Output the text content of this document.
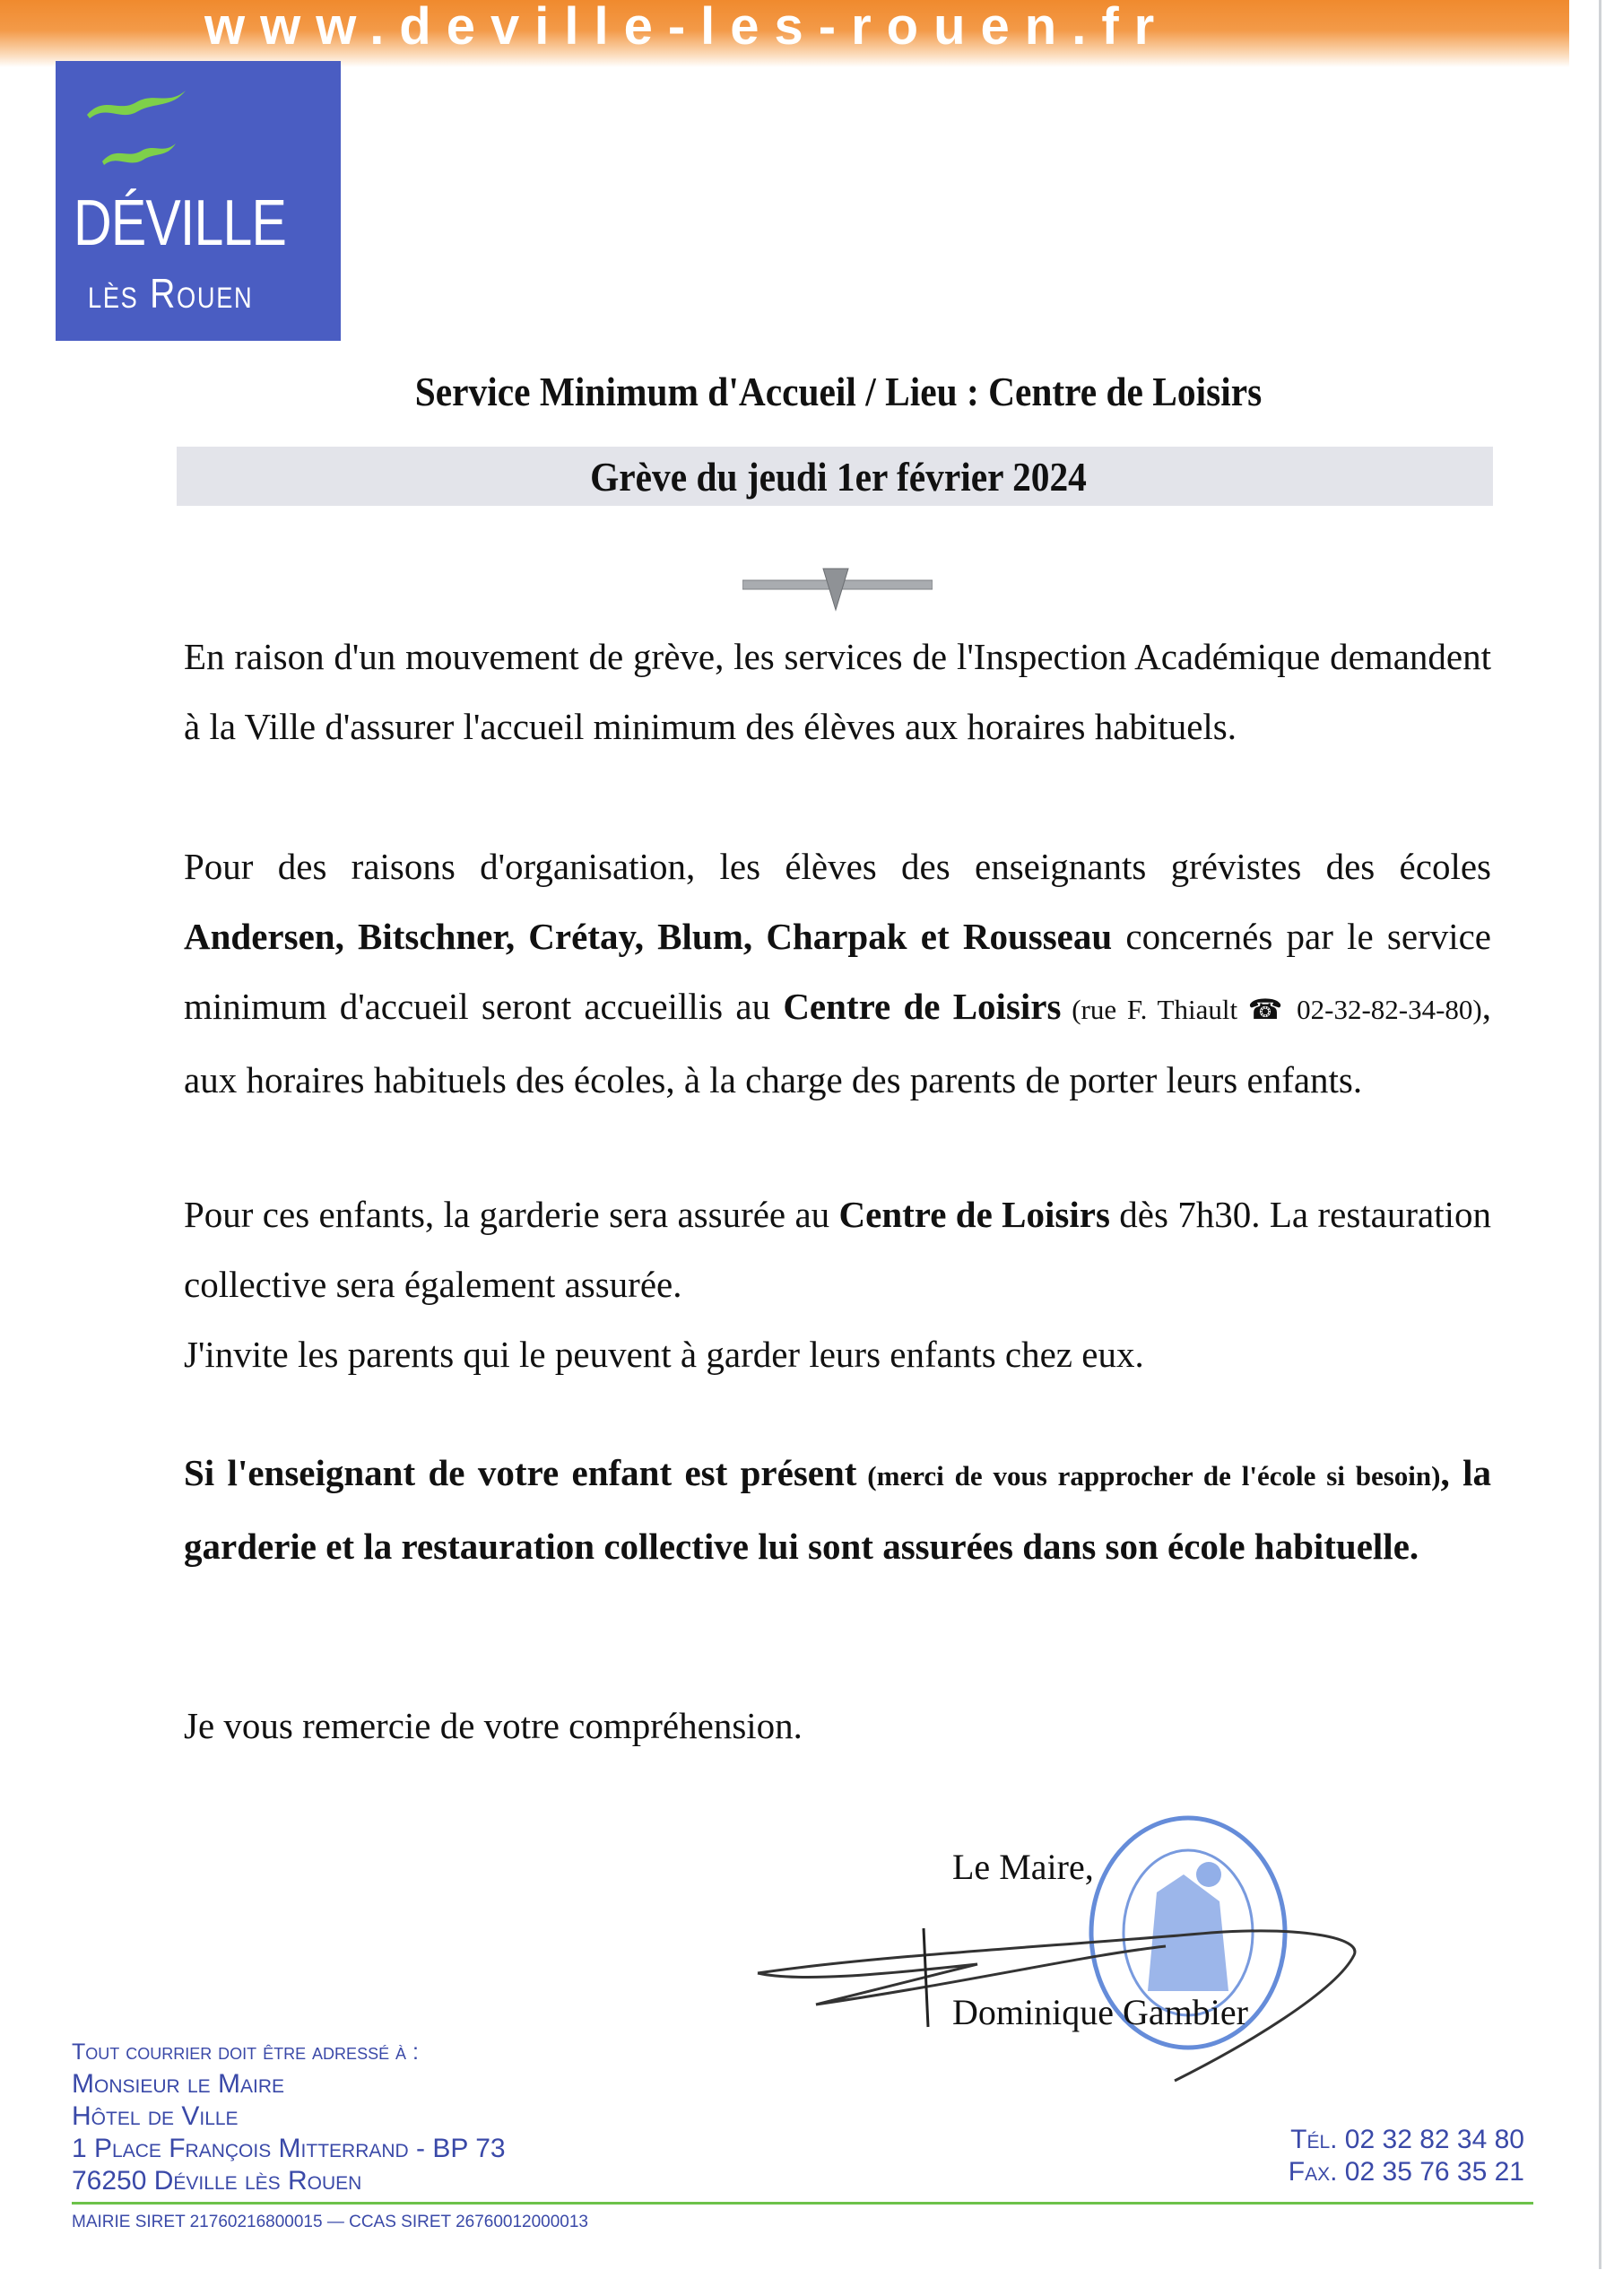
www.deville-les-rouen.fr
DÉVILLE
lès Rouen
Service Minimum d'Accueil / Lieu : Centre de Loisirs
Grève du jeudi 1er février 2024
En raison d'un mouvement de grève, les services de l'Inspection Académique demandent à la Ville d'assurer l'accueil minimum des élèves aux horaires habituels.
Pour des raisons d'organisation, les élèves des enseignants grévistes des écoles Andersen, Bitschner, Crétay, Blum, Charpak et Rousseau concernés par le service minimum d'accueil seront accueillis au Centre de Loisirs (rue F. Thiault ☎ 02-32-82-34-80), aux horaires habituels des écoles, à la charge des parents de porter leurs enfants.
Pour ces enfants, la garderie sera assurée au Centre de Loisirs dès 7h30. La restauration collective sera également assurée.
J'invite les parents qui le peuvent à garder leurs enfants chez eux.
Si l'enseignant de votre enfant est présent (merci de vous rapprocher de l'école si besoin), la garderie et la restauration collective lui sont assurées dans son école habituelle.
Je vous remercie de votre compréhension.
Le Maire,
Dominique Gambier
Tout courrier doit être adressé à :
Monsieur le Maire
Hôtel de Ville
1 Place François Mitterrand - BP 73
76250 Déville lès Rouen
Tél. 02 32 82 34 80
Fax. 02 35 76 35 21
MAIRIE SIRET 21760216800015 — CCAS SIRET 26760012000013
